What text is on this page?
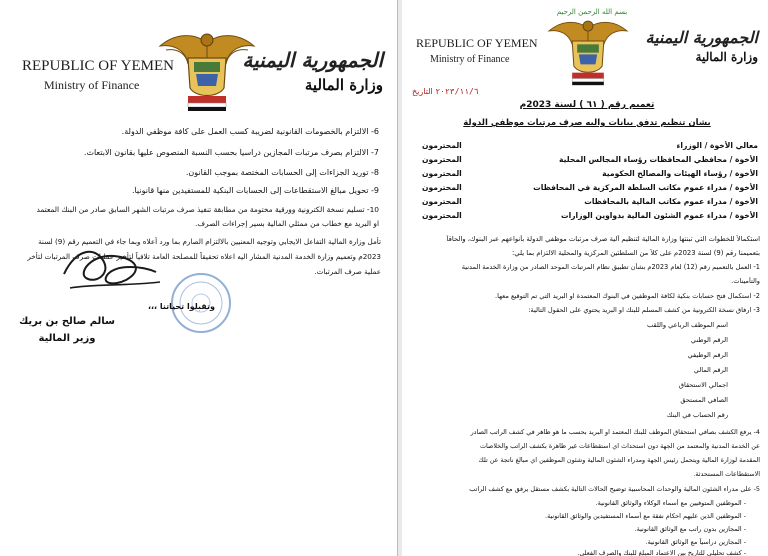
REPUBLIC OF YEMEN
Ministry of Finance
الجمهورية اليمنية
وزارة المالية
6- الالتزام بالخصومات القانونية لضريبة كسب العمل على كافة موظفي الدولة.
7- الالتزام بصرف مرتبات المجازين دراسياً بحسب النسبة المنصوص عليها بقانون الابتعاث.
8- توريد الجزاءات إلى الحسابات المختصة بموجب القانون.
9- تحويل مبالغ الاستقطاعات إلى الحسابات البنكية للمستفيدين منها قانونياً.
10- تسليم نسخة الكترونية وورقية مختومة من مطابقة تنفيذ صرف مرتبات الشهر السابق صادر من البنك المعتمد
او البريد مع خطاب من ممثلي المالية بسير إجراءات الصرف.
تأمل وزارة المالية التفاعل الايجابي وتوجيه المعنيين بالالتزام الصارم بما ورد أعلاه وبما جاء في التعميم رقم (9) لسنة
2023م وتعميم وزارة الخدمة المدنية المشار اليه اعلاه تحقيقاً للمصلحة العامة تلافياً لتأخير عمليات صرف المرتبات لتأخر
عملية صرف المرتبات.
وتقبلوا تحياتنا ،،،
سالم صالح بن بريك
وزير المالية
بسم الله الرحمن الرحيم
REPUBLIC OF YEMEN
Ministry of Finance
الجمهورية اليمنية
وزارة المالية
٢٠٢٣/١١/٦ التاريخ
تعميم رقم ( ٦١ ) لسنة 2023م
بشأن تنظيم تدفق بيانات واليه صرف مرتبات موظفي الدولة
معالي الأخوة / الوزراء
المحترمون
الأخوة / محافظي المحافظات رؤساء المجالس المحلية
المحترمون
الأخوة / رؤساء الهيئات والمصالح الحكومية
المحترمون
الأخوة / مدراء عموم مكاتب السلطة المركزية في المحافظات
المحترمون
الأخوة / مدراء عموم مكاتب المالية بالمحافظات
المحترمون
الأخوة / مدراء عموم الشئون المالية بدواوين الوزارات
المحترمون
استكمالاً للخطوات التي تبنتها وزارة المالية لتنظيم آلية صرف مرتبات موظفي الدولة بأنواعهم عبر البنوك، والحاقاً
بتعميمنا رقم (9) لسنة 2023م على كلاً من السلطتين المركزية والمحلية الالتزام بما يلي:
1- العمل بالتعميم رقم (12) لعام 2023م بشأن تطبيق نظام المرتبات الموحد الصادر من وزارة الخدمة المدنية
والتأمينات.
2- استكمال فتح حسابات بنكية لكافة الموظفين في البنوك المعتمدة او البريد التي تم التوقيع معها.
3- ارفاق نسخة الكترونية من كشف المسلم للبنك او البريد يحتوي على الحقول التالية:
اسم الموظف الرباعي واللقب
الرقم الوطني
الرقم الوظيفي
الرقم المالي
اجمالي الاستحقاق
الصافي المستحق
رقم الحساب في البنك
4- يرفع الكشف بصافي استحقاق الموظف للبنك المعتمد او البريد بحسب ما هو ظاهر في كشف الراتب الصادر
عن الخدمة المدنية والمعتمد من الجهة دون استحداث اي استقطاعات غير ظاهرة بكشف الراتب والخلاصات
المقدمة لوزارة المالية ويتحمل رئيس الجهة ومدراء الشئون المالية وشئون الموظفين اي مبالغ ناتجة عن تلك
الاستقطاعات المستحدثة.
5- على مدراء الشئون المالية والوحدات المحاسبية توضيح الحالات التالية بكشف مستقل يرفق مع كشف الراتب
- الموظفين المتوفيين مع أسماء الوكلاء والوثائق القانونية.
- الموظفين الذين عليهم احكام نفقة مع أسماء المستفيدين والوثائق القانونية.
- المجازين بدون راتب مع الوثائق القانونية.
- المجازين دراسياً مع الوثائق القانونية.
- كشف تحليلي للتاريخ بين الاعتماد المبلغ للبنك والصرف الفعلي.
